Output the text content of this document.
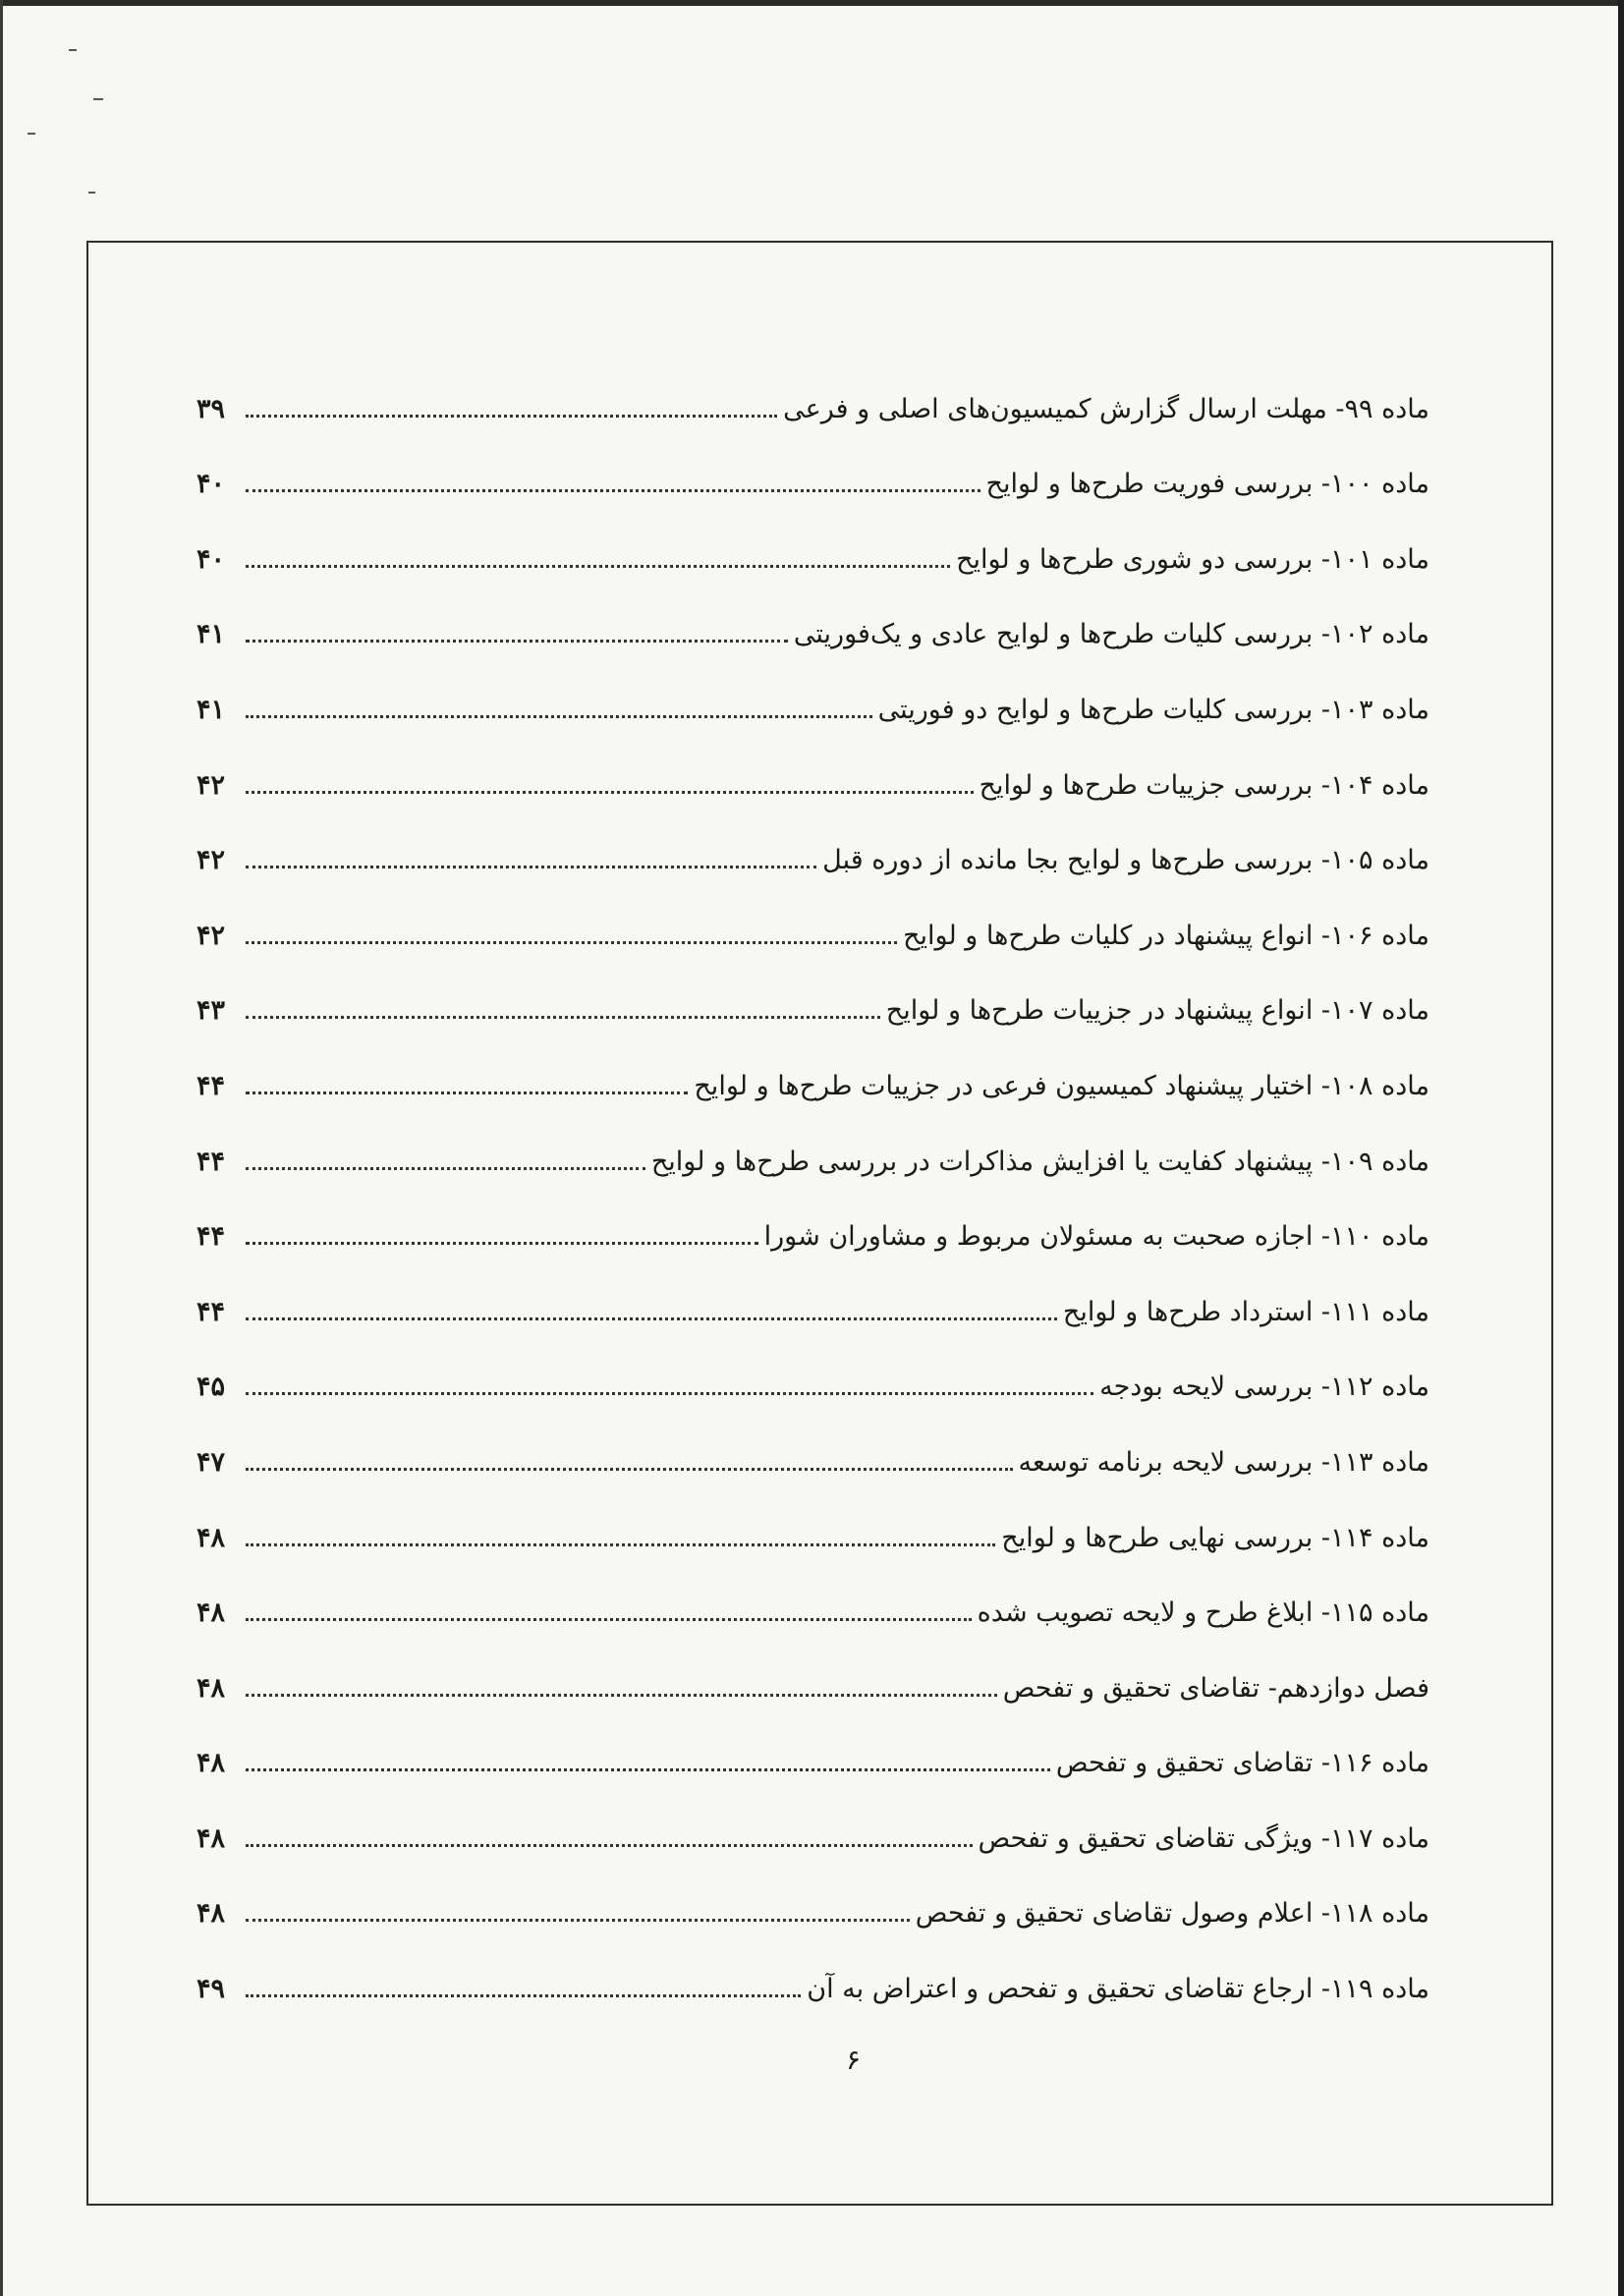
ماده ۹۹- مهلت ارسال گزارش کمیسیون‌های اصلی و فرعی
۳۹
ماده ۱۰۰- بررسی فوریت طرح‌ها و لوایح
۴۰
ماده ۱۰۱- بررسی دو شوری طرح‌ها و لوایح
۴۰
ماده ۱۰۲- بررسی کلیات طرح‌ها و لوایح عادی و یک‌فوریتی
۴۱
ماده ۱۰۳- بررسی کلیات طرح‌ها و لوایح دو فوریتی
۴۱
ماده ۱۰۴- بررسی جزییات طرح‌ها و لوایح
۴۲
ماده ۱۰۵- بررسی طرح‌ها و لوایح بجا مانده از دوره قبل
۴۲
ماده ۱۰۶- انواع پیشنهاد در کلیات طرح‌ها و لوایح
۴۲
ماده ۱۰۷- انواع پیشنهاد در جزییات طرح‌ها و لوایح
۴۳
ماده ۱۰۸- اختیار پیشنهاد کمیسیون فرعی در جزییات طرح‌ها و لوایح
۴۴
ماده ۱۰۹- پیشنهاد کفایت یا افزایش مذاکرات در بررسی طرح‌ها و لوایح
۴۴
ماده ۱۱۰- اجازه صحبت به مسئولان مربوط و مشاوران شورا
۴۴
ماده ۱۱۱- استرداد طرح‌ها و لوایح
۴۴
ماده ۱۱۲- بررسی لایحه بودجه
۴۵
ماده ۱۱۳- بررسی لایحه برنامه توسعه
۴۷
ماده ۱۱۴- بررسی نهایی طرح‌ها و لوایح
۴۸
ماده ۱۱۵- ابلاغ طرح و لایحه تصویب شده
۴۸
فصل دوازدهم- تقاضای تحقیق و تفحص
۴۸
ماده ۱۱۶- تقاضای تحقیق و تفحص
۴۸
ماده ۱۱۷- ویژگی تقاضای تحقیق و تفحص
۴۸
ماده ۱۱۸- اعلام وصول تقاضای تحقیق و تفحص
۴۸
ماده ۱۱۹- ارجاع تقاضای تحقیق و تفحص و اعتراض به آن
۴۹
۶
